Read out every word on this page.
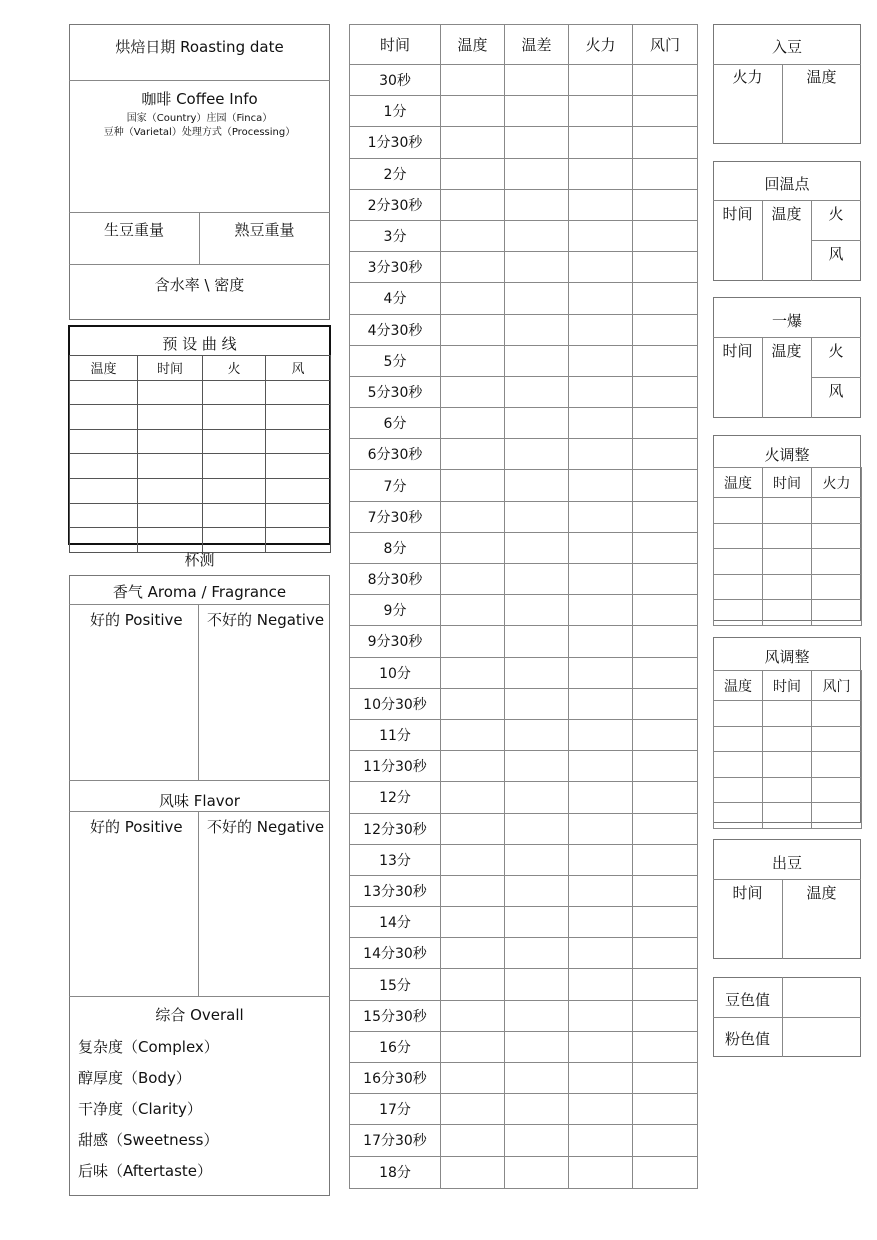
烘焙日期 Roasting date
咖啡 Coffee Info
国家（Country）庄园（Finca）
豆种（Varietal）处理方式（Processing）
生豆重量	熟豆重量
含水率 \ 密度
预 设 曲 线
温度	时间	火	风

杯测
香气 Aroma / Fragrance
好的 Positive 不好的 Negative
风味 Flavor
好的 Positive 不好的 Negative
综合 Overall
复杂度（Complex）
醇厚度（Body）
干净度（Clarity）
甜感（Sweetness）
后味（Aftertaste）
时间	温度	温差	火力	风门
30秒				
1分				
1分30秒				
2分				
2分30秒				
3分				
3分30秒				
4分				
4分30秒				
5分				
5分30秒				
6分				
6分30秒				
7分				
7分30秒				
8分				
8分30秒				
9分				
9分30秒				
10分				
10分30秒				
11分				
11分30秒				
12分				
12分30秒				
13分				
13分30秒				
14分				
14分30秒				
15分				
15分30秒				
16分				
16分30秒				
17分				
17分30秒				
18分				
入豆
火力	温度
回温点
时间	温度	火
风
一爆
时间	温度	火
风
火调整
温度	时间	火力

风调整
温度	时间	风门

出豆
时间	温度
豆色值
粉色值
